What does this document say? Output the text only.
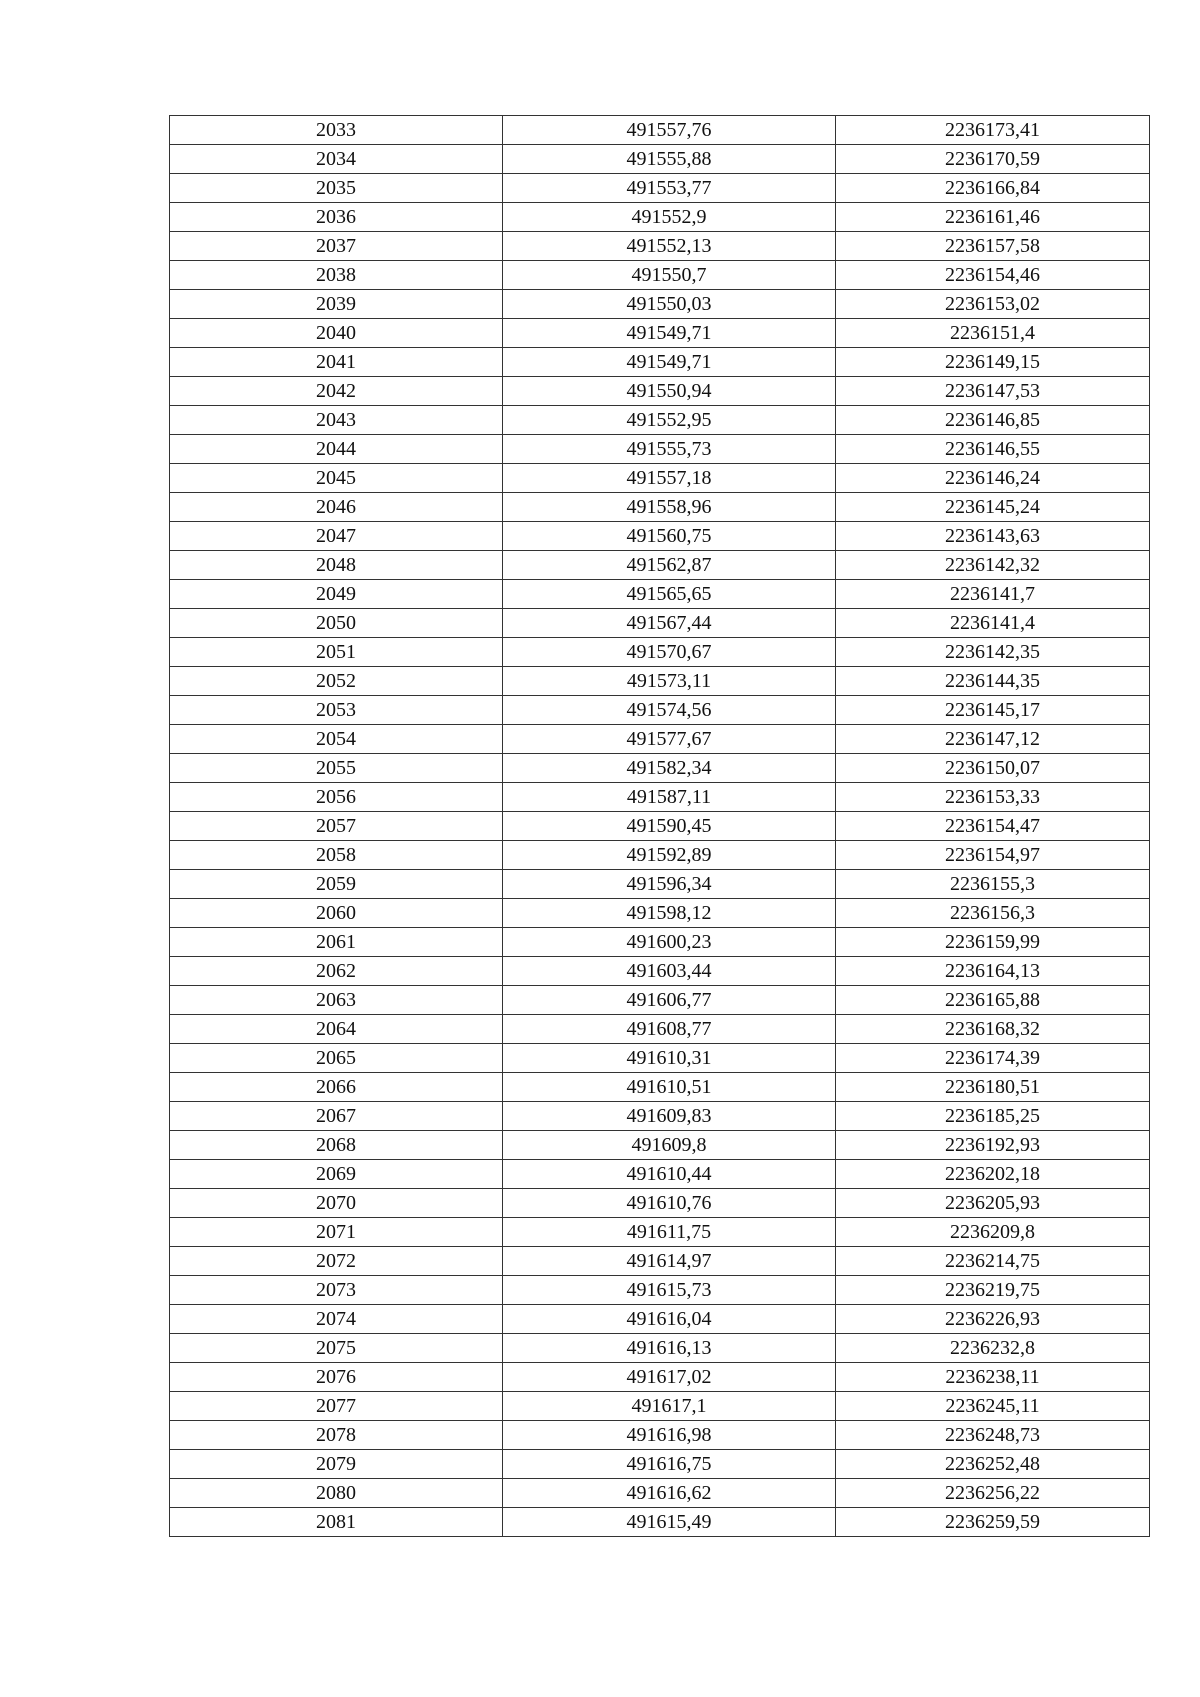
2033	491557,76	2236173,41
2034	491555,88	2236170,59
2035	491553,77	2236166,84
2036	491552,9	2236161,46
2037	491552,13	2236157,58
2038	491550,7	2236154,46
2039	491550,03	2236153,02
2040	491549,71	2236151,4
2041	491549,71	2236149,15
2042	491550,94	2236147,53
2043	491552,95	2236146,85
2044	491555,73	2236146,55
2045	491557,18	2236146,24
2046	491558,96	2236145,24
2047	491560,75	2236143,63
2048	491562,87	2236142,32
2049	491565,65	2236141,7
2050	491567,44	2236141,4
2051	491570,67	2236142,35
2052	491573,11	2236144,35
2053	491574,56	2236145,17
2054	491577,67	2236147,12
2055	491582,34	2236150,07
2056	491587,11	2236153,33
2057	491590,45	2236154,47
2058	491592,89	2236154,97
2059	491596,34	2236155,3
2060	491598,12	2236156,3
2061	491600,23	2236159,99
2062	491603,44	2236164,13
2063	491606,77	2236165,88
2064	491608,77	2236168,32
2065	491610,31	2236174,39
2066	491610,51	2236180,51
2067	491609,83	2236185,25
2068	491609,8	2236192,93
2069	491610,44	2236202,18
2070	491610,76	2236205,93
2071	491611,75	2236209,8
2072	491614,97	2236214,75
2073	491615,73	2236219,75
2074	491616,04	2236226,93
2075	491616,13	2236232,8
2076	491617,02	2236238,11
2077	491617,1	2236245,11
2078	491616,98	2236248,73
2079	491616,75	2236252,48
2080	491616,62	2236256,22
2081	491615,49	2236259,59
